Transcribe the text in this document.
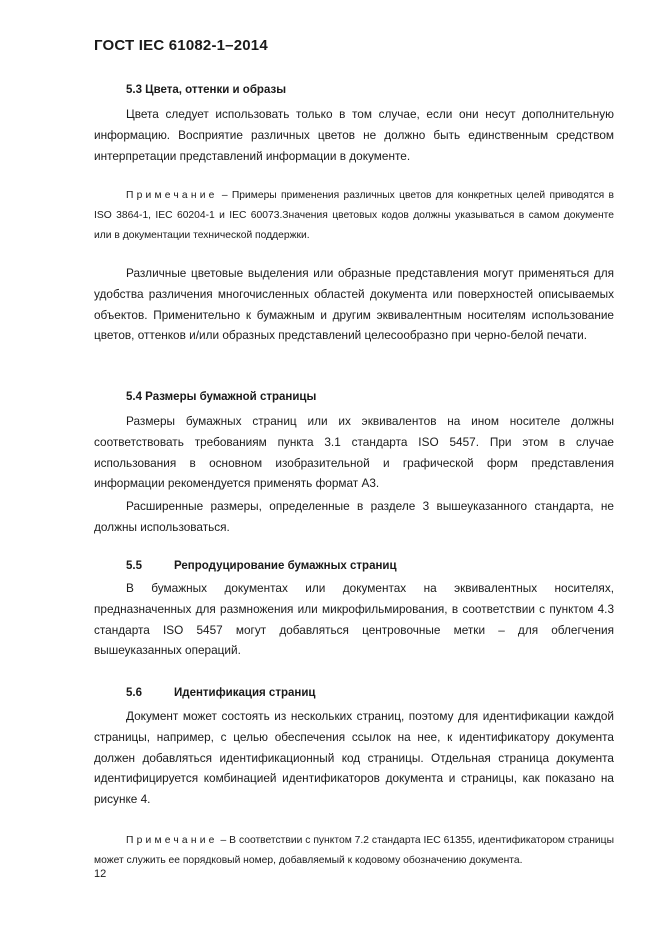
ГОСТ IEC 61082-1–2014
5.3 Цвета, оттенки и образы
Цвета следует использовать только в том случае, если они несут дополнительную информацию. Восприятие различных цветов не должно быть единственным средством интерпретации представлений информации в документе.
Примечание – Примеры применения различных цветов для конкретных целей приводятся в ISO 3864-1, IEC 60204-1 и IEC 60073.Значения цветовых кодов должны указываться в самом документе или в документации технической поддержки.
Различные цветовые выделения или образные представления могут применяться для удобства различения многочисленных областей документа или поверхностей описываемых объектов. Применительно к бумажным и другим эквивалентным носителям использование цветов, оттенков и/или образных представлений целесообразно при черно-белой печати.
5.4 Размеры бумажной страницы
Размеры бумажных страниц или их эквивалентов на ином носителе должны соответствовать требованиям пункта 3.1 стандарта ISO 5457. При этом в случае использования в основном изобразительной и графической форм представления информации рекомендуется применять формат А3.
Расширенные размеры, определенные в разделе 3 вышеуказанного стандарта, не должны использоваться.
5.5	Репродуцирование бумажных страниц
В бумажных документах или документах на эквивалентных носителях, предназначенных для размножения или микрофильмирования, в соответствии с пунктом 4.3 стандарта ISO 5457 могут добавляться центровочные метки – для облегчения вышеуказанных операций.
5.6	Идентификация страниц
Документ может состоять из нескольких страниц, поэтому для идентификации каждой страницы, например, с целью обеспечения ссылок на нее, к идентификатору документа должен добавляться идентификационный код страницы. Отдельная страница документа идентифицируется комбинацией идентификаторов документа и страницы, как показано на рисунке 4.
Примечание – В соответствии с пунктом 7.2 стандарта IEC 61355, идентификатором страницы может служить ее порядковый номер, добавляемый к кодовому обозначению документа.
12
